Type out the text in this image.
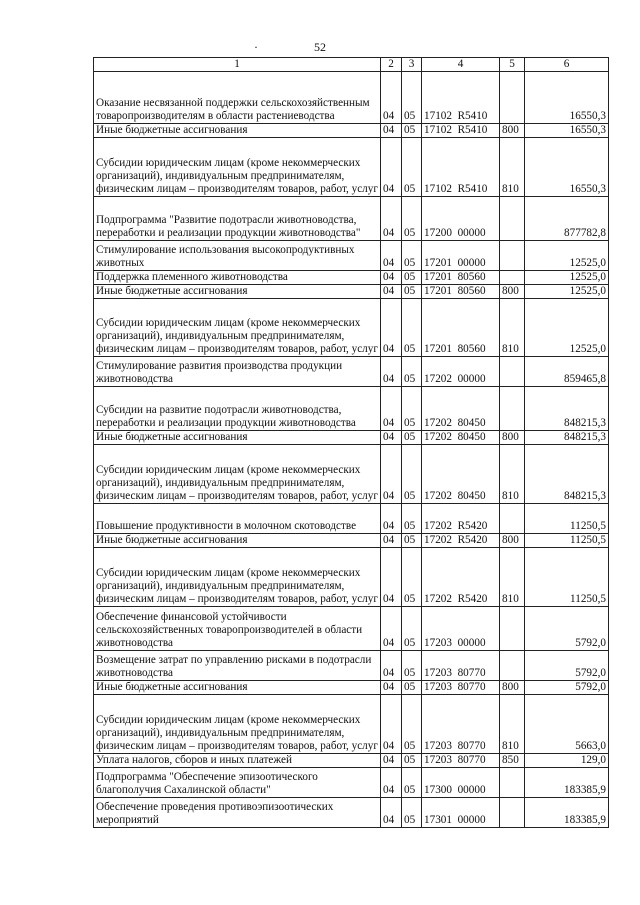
52
·
1	2	3	4	5	6
Оказание несвязанной поддержки сельскохозяйственным товаропроизводителям в области растениеводства	04	05	17102  R5410		16550,3
Иные бюджетные ассигнования	04	05	17102  R5410	800	16550,3
Субсидии юридическим лицам (кроме некоммерческих организаций), индивидуальным предпринимателям, физическим лицам – производителям товаров, работ, услуг	04	05	17102  R5410	810	16550,3
Подпрограмма "Развитие подотрасли животноводства, переработки и реализации продукции животноводства"	04	05	17200  00000		877782,8
Стимулирование использования высокопродуктивных животных	04	05	17201  00000		12525,0
Поддержка племенного животноводства	04	05	17201  80560		12525,0
Иные бюджетные ассигнования	04	05	17201  80560	800	12525,0
Субсидии юридическим лицам (кроме некоммерческих организаций), индивидуальным предпринимателям, физическим лицам – производителям товаров, работ, услуг	04	05	17201  80560	810	12525,0
Стимулирование развития производства продукции животноводства	04	05	17202  00000		859465,8
Субсидии на развитие подотрасли животноводства, переработки и реализации продукции животноводства	04	05	17202  80450		848215,3
Иные бюджетные ассигнования	04	05	17202  80450	800	848215,3
Субсидии юридическим лицам (кроме некоммерческих организаций), индивидуальным предпринимателям, физическим лицам – производителям товаров, работ, услуг	04	05	17202  80450	810	848215,3
Повышение продуктивности в молочном скотоводстве	04	05	17202  R5420		11250,5
Иные бюджетные ассигнования	04	05	17202  R5420	800	11250,5
Субсидии юридическим лицам (кроме некоммерческих организаций), индивидуальным предпринимателям, физическим лицам – производителям товаров, работ, услуг	04	05	17202  R5420	810	11250,5
Обеспечение финансовой устойчивости сельскохозяйственных товаропроизводителей в области животноводства	04	05	17203  00000		5792,0
Возмещение затрат по управлению рисками в подотрасли животноводства	04	05	17203  80770		5792,0
Иные бюджетные ассигнования	04	05	17203  80770	800	5792,0
Субсидии юридическим лицам (кроме некоммерческих организаций), индивидуальным предпринимателям, физическим лицам – производителям товаров, работ, услуг	04	05	17203  80770	810	5663,0
Уплата налогов, сборов и иных платежей	04	05	17203  80770	850	129,0
Подпрограмма "Обеспечение эпизоотического благополучия Сахалинской области"	04	05	17300  00000		183385,9
Обеспечение проведения противоэпизоотических мероприятий	04	05	17301  00000		183385,9
